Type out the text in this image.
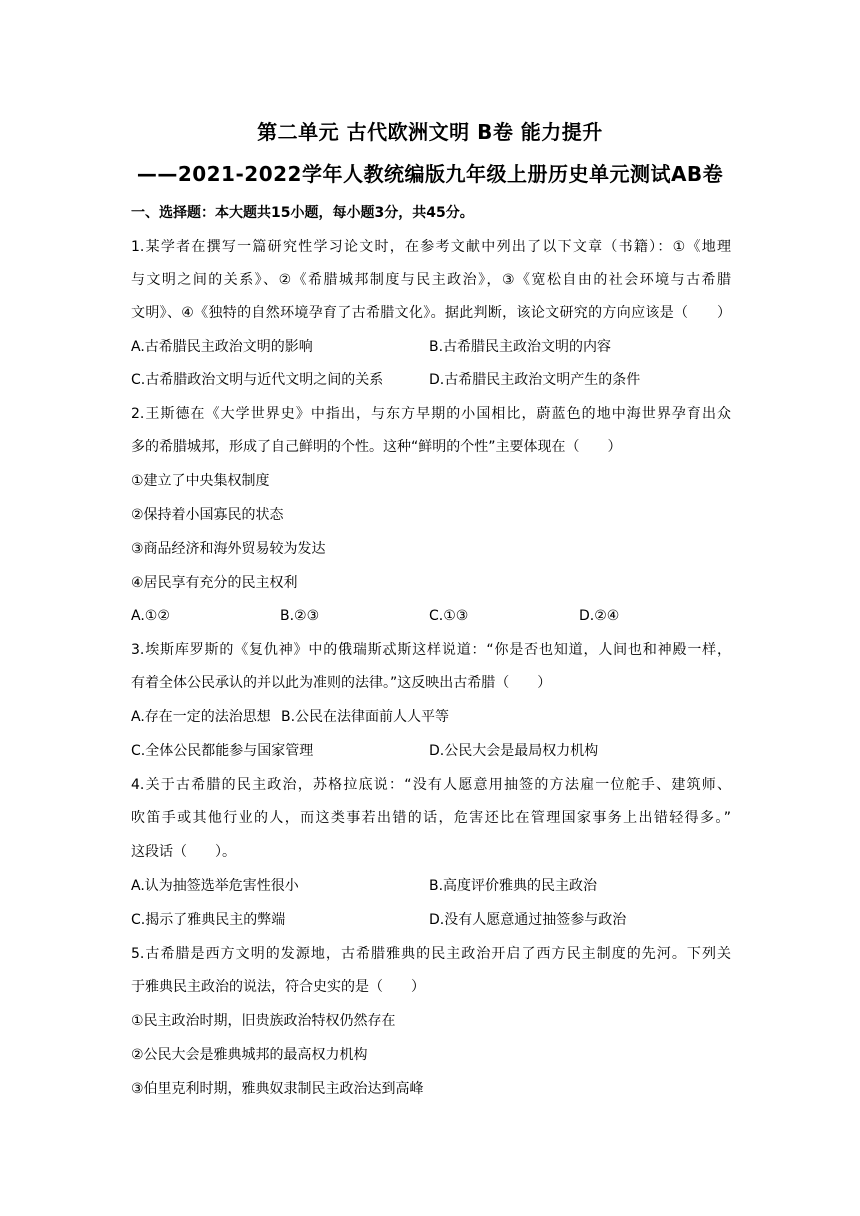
第二单元 古代欧洲文明 B卷 能力提升
——2021-2022学年人教统编版九年级上册历史单元测试AB卷
一、选择题：本大题共15小题，每小题3分，共45分。
1.某学者在撰写一篇研究性学习论文时，在参考文献中列出了以下文章（书籍）：①《地理
与文明之间的关系》、②《希腊城邦制度与民主政治》，③《宽松自由的社会环境与古希腊
文明》、④《独特的自然环境孕育了古希腊文化》。据此判断，该论文研究的方向应该是（　　）
A.古希腊民主政治文明的影响	B.古希腊民主政治文明的内容
C.古希腊政治文明与近代文明之间的关系	D.古希腊民主政治文明产生的条件
2.王斯德在《大学世界史》中指出，与东方早期的小国相比，蔚蓝色的地中海世界孕育出众
多的希腊城邦，形成了自己鲜明的个性。这种“鲜明的个性”主要体现在（　　）
①建立了中央集权制度
②保持着小国寡民的状态
③商品经济和海外贸易较为发达
④居民享有充分的民主权利
A.①②	B.②③	C.①③	D.②④
3.埃斯库罗斯的《复仇神》中的俄瑞斯忒斯这样说道：“你是否也知道，人间也和神殿一样，
有着全体公民承认的并以此为准则的法律。”这反映出古希腊（　　）
A.存在一定的法治思想 B.公民在法律面前人人平等
C.全体公民都能参与国家管理	D.公民大会是最局权力机构
4.关于古希腊的民主政治，苏格拉底说：“没有人愿意用抽签的方法雇一位舵手、建筑师、
吹笛手或其他行业的人，而这类事若出错的话，危害还比在管理国家事务上出错轻得多。”
这段话（　　）。
A.认为抽签选举危害性很小	B.高度评价雅典的民主政治
C.揭示了雅典民主的弊端	D.没有人愿意通过抽签参与政治
5.古希腊是西方文明的发源地，古希腊雅典的民主政治开启了西方民主制度的先河。下列关
于雅典民主政治的说法，符合史实的是（　　）
①民主政治时期，旧贵族政治特权仍然存在
②公民大会是雅典城邦的最高权力机构
③伯里克利时期，雅典奴隶制民主政治达到高峰
